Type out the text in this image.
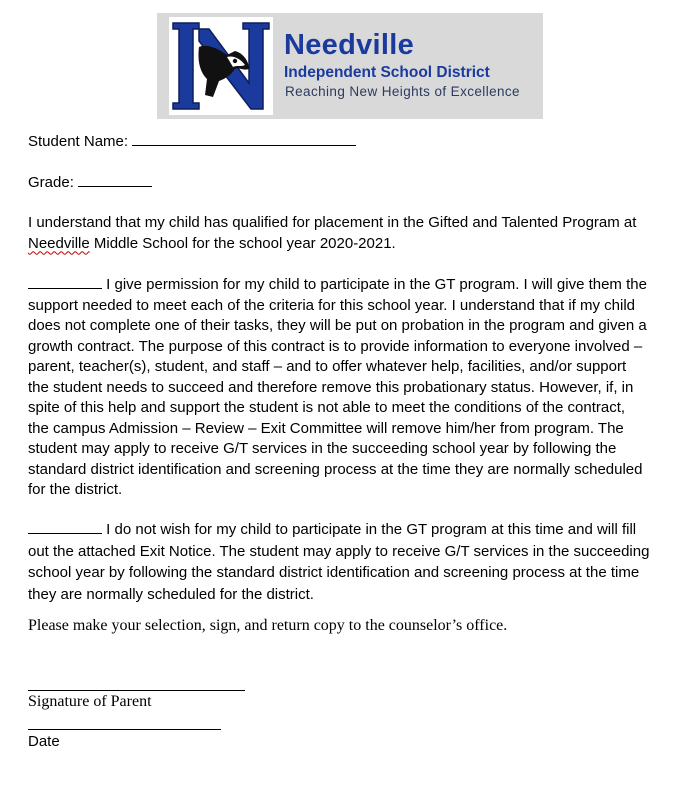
Needville
Independent School District
Reaching New Heights of Excellence
Student Name:
Grade:
I understand that my child has qualified for placement in the Gifted and Talented Program at
Needville Middle School for the school year 2020-2021.
I give permission for my child to participate in the GT program. I will give them the
support needed to meet each of the criteria for this school year. I understand that if my child
does not complete one of their tasks, they will be put on probation in the program and given a
growth contract. The purpose of this contract is to provide information to everyone involved –
parent, teacher(s), student, and staff – and to offer whatever help, facilities, and/or support
the student needs to succeed and therefore remove this probationary status. However, if, in
spite of this help and support the student is not able to meet the conditions of the contract,
the campus Admission – Review – Exit Committee will remove him/her from program. The
student may apply to receive G/T services in the succeeding school year by following the
standard district identification and screening process at the time they are normally scheduled
for the district.
I do not wish for my child to participate in the GT program at this time and will fill
out the attached Exit Notice. The student may apply to receive G/T services in the succeeding
school year by following the standard district identification and screening process at the time
they are normally scheduled for the district.
Please make your selection, sign, and return copy to the counselor’s office.
Signature of Parent
Date
